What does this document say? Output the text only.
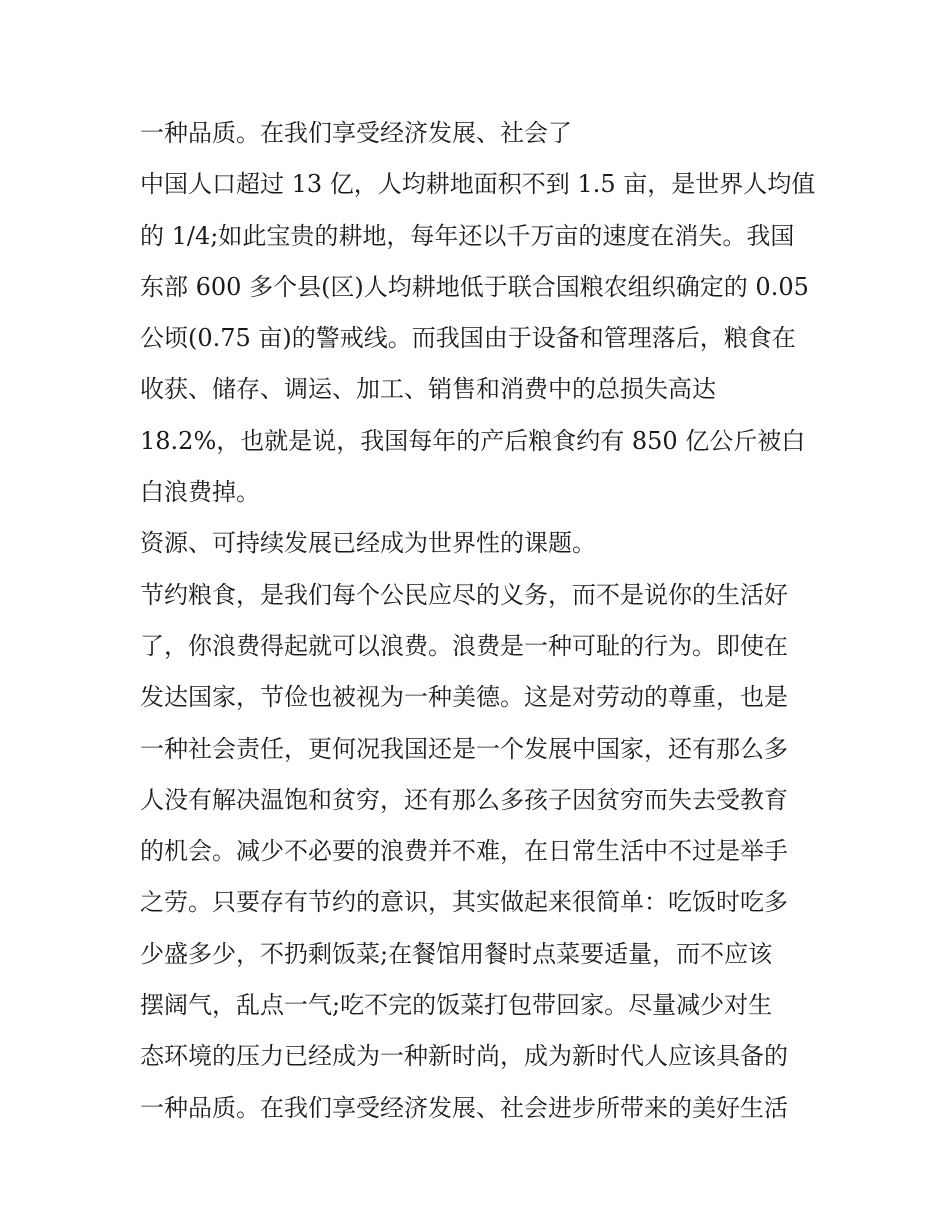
一种品质。在我们享受经济发展、社会了
中国人口超过 13 亿，人均耕地面积不到 1.5 亩，是世界人均值
的 1/4;如此宝贵的耕地，每年还以千万亩的速度在消失。我国
东部 600 多个县(区)人均耕地低于联合国粮农组织确定的 0.05
公顷(0.75 亩)的警戒线。而我国由于设备和管理落后，粮食在
收获、储存、调运、加工、销售和消费中的总损失高达
18.2%，也就是说，我国每年的产后粮食约有 850 亿公斤被白
白浪费掉。
资源、可持续发展已经成为世界性的课题。
节约粮食，是我们每个公民应尽的义务，而不是说你的生活好
了，你浪费得起就可以浪费。浪费是一种可耻的行为。即使在
发达国家，节俭也被视为一种美德。这是对劳动的尊重，也是
一种社会责任，更何况我国还是一个发展中国家，还有那么多
人没有解决温饱和贫穷，还有那么多孩子因贫穷而失去受教育
的机会。减少不必要的浪费并不难，在日常生活中不过是举手
之劳。只要存有节约的意识，其实做起来很简单：吃饭时吃多
少盛多少，不扔剩饭菜;在餐馆用餐时点菜要适量，而不应该
摆阔气，乱点一气;吃不完的饭菜打包带回家。尽量减少对生
态环境的压力已经成为一种新时尚，成为新时代人应该具备的
一种品质。在我们享受经济发展、社会进步所带来的美好生活
